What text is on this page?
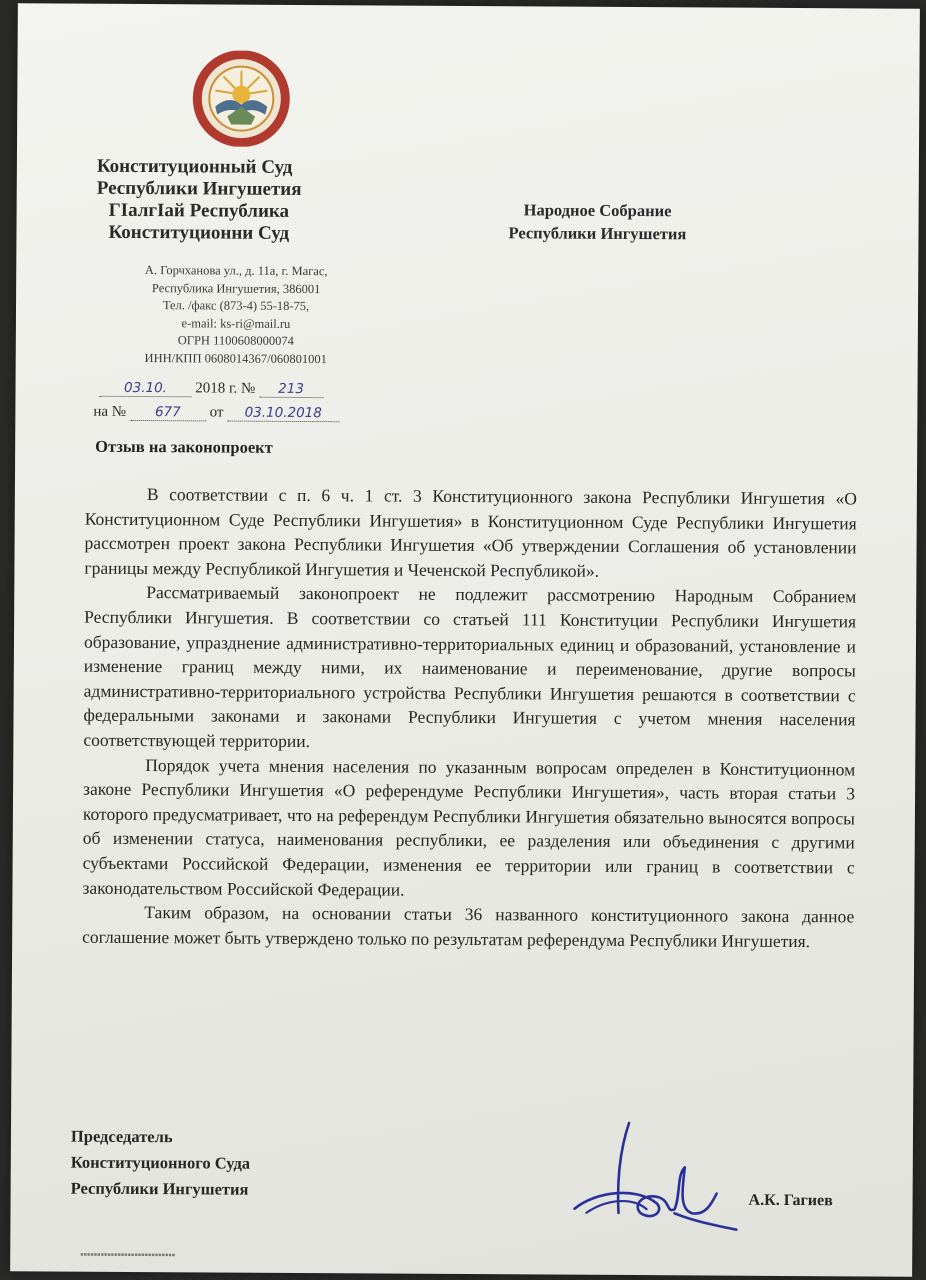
Конституционный Суд
Республики Ингушетия
ГІалгІай Республика
Конституционни Суд
А. Горчханова ул., д. 11а, г. Магас,
Республика Ингушетия, 386001
Тел. /факс (873-4) 55-18-75,
e-mail: ks-ri@mail.ru
ОГРН 1100608000074
ИНН/КПП 0608014367/060801001
Народное Собрание
Республики Ингушетия
03.10. 2018 г. № 213
на № 677 от 03.10.2018
Отзыв на законопроект

В соответствии с п. 6 ч. 1 ст. 3 Конституционного закона Республики Ингушетия «О Конституционном Суде Республики Ингушетия» в Конституционном Суде Республики Ингушетия рассмотрен проект закона Республики Ингушетия «Об утверждении Соглашения об установлении границы между Республикой Ингушетия и Чеченской Республикой».

Рассматриваемый законопроект не подлежит рассмотрению Народным Собранием Республики Ингушетия. В соответствии со статьей 111 Конституции Республики Ингушетия образование, упразднение административно-территориальных единиц и образований, установление и изменение границ между ними, их наименование и переименование, другие вопросы административно-территориального устройства Республики Ингушетия решаются в соответствии с федеральными законами и законами Республики Ингушетия с учетом мнения населения соответствующей территории.

Порядок учета мнения населения по указанным вопросам определен в Конституционном законе Республики Ингушетия «О референдуме Республики Ингушетия», часть вторая статьи 3 которого предусматривает, что на референдум Республики Ингушетия обязательно выносятся вопросы об изменении статуса, наименования республики, ее разделения или объединения с другими субъектами Российской Федерации, изменения ее территории или границ в соответствии с законодательством Российской Федерации.

Таким образом, на основании статьи 36 названного конституционного закона данное соглашение может быть утверждено только по результатам референдума Республики Ингушетия.

Председатель
Конституционного Суда
Республики Ингушетия
А.К. Гагиев
▪▪▪▪▪▪▪▪▪▪▪▪▪▪▪▪▪▪▪▪▪▪▪▪▪▪▪▪
